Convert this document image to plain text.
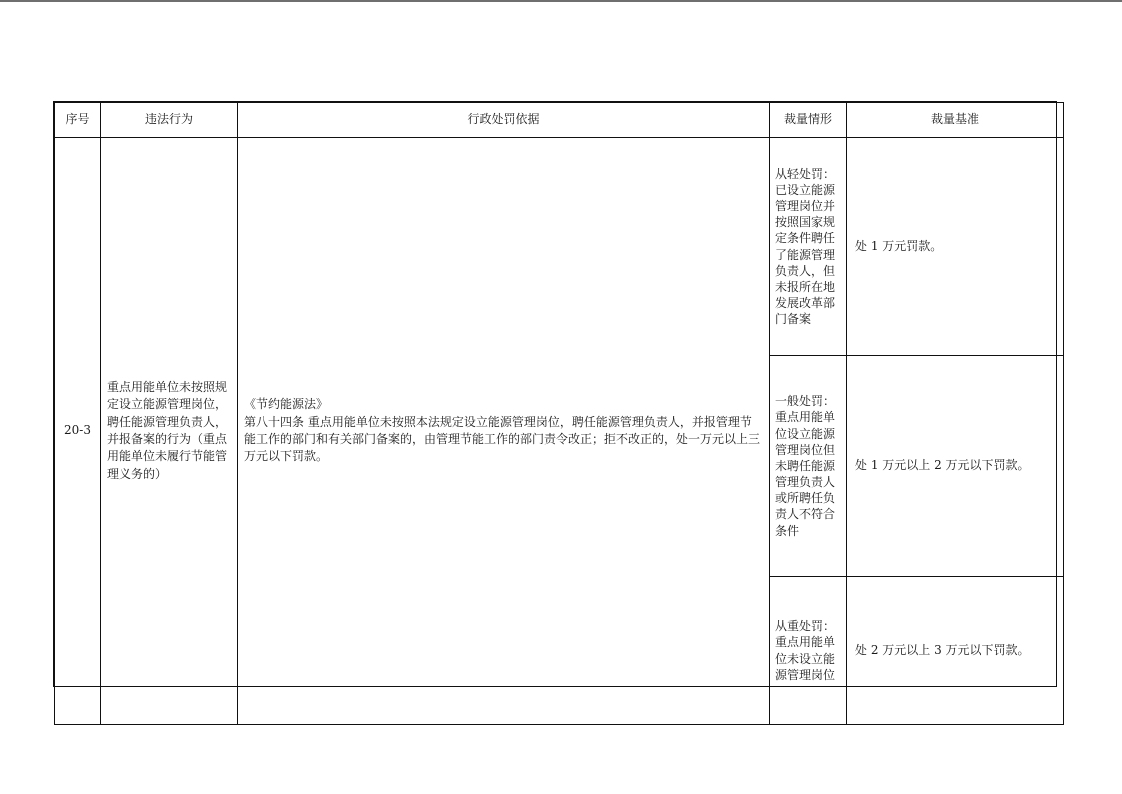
序号	违法行为	行政处罚依据	裁量情形	裁量基准
20-3	重点用能单位未按照规定设立能源管理岗位，聘任能源管理负责人，并报备案的行为（重点用能单位未履行节能管理义务的）	《节约能源法》
第八十四条 重点用能单位未按照本法规定设立能源管理岗位，聘任能源管理负责人，并报管理节能工作的部门和有关部门备案的，由管理节能工作的部门责令改正；拒不改正的，处一万元以上三万元以下罚款。	从轻处罚：已设立能源管理岗位并按照国家规定条件聘任了能源管理负责人，但未报所在地发展改革部门备案	处 1 万元罚款。
			一般处罚：重点用能单位设立能源管理岗位但未聘任能源管理负责人或所聘任负责人不符合条件	处 1 万元以上 2 万元以下罚款。
			从重处罚：重点用能单位未设立能源管理岗位	处 2 万元以上 3 万元以下罚款。
